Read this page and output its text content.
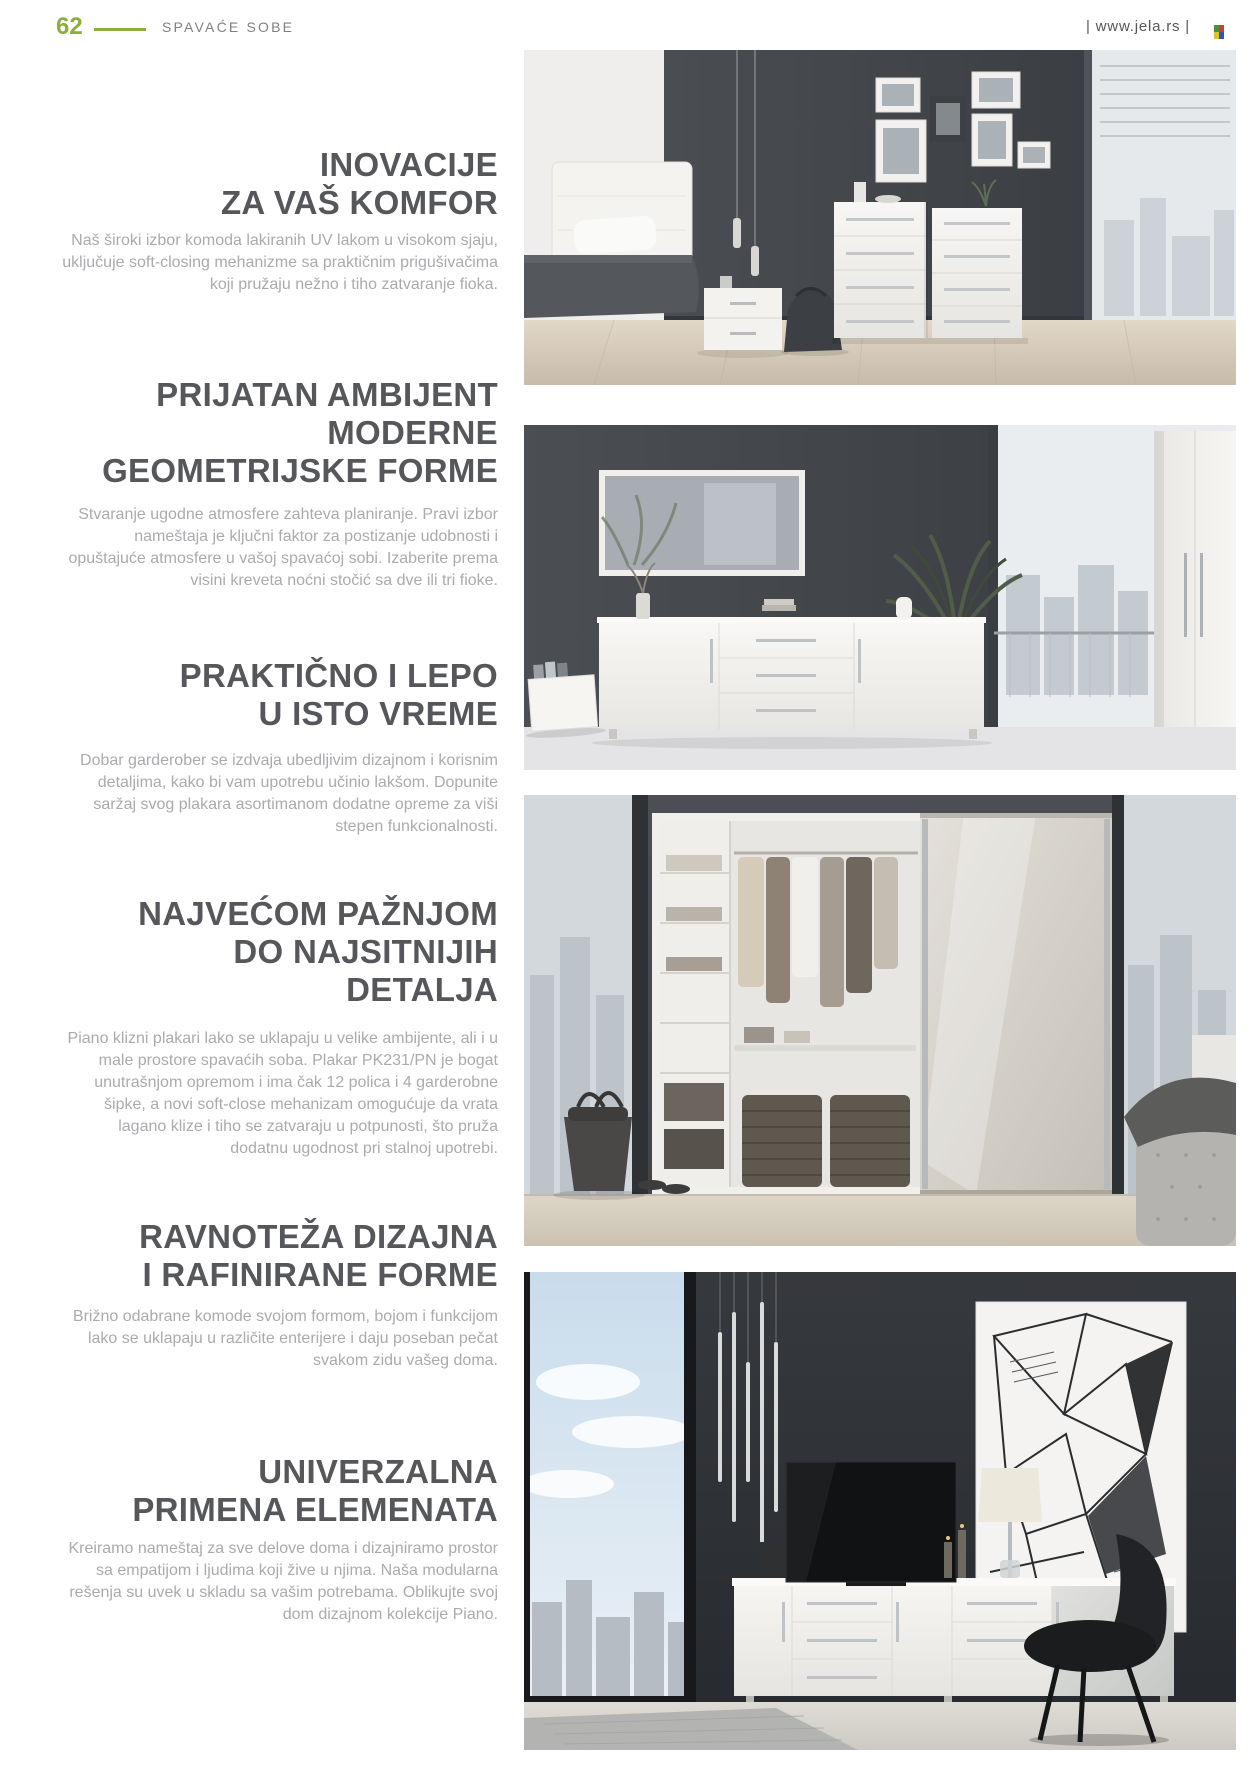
62	SPAVAĆE SOBE	| www.jela.rs |
INOVACIJE
ZA VAŠ KOMFOR

Naš široki izbor komoda lakiranih UV lakom u visokom sjaju, uključuje soft-closing mehanizme sa praktičnim prigušivačima koji pružaju nežno i tiho zatvaranje fioka.

PRIJATAN AMBIJENT
MODERNE
GEOMETRIJSKE FORME

Stvaranje ugodne atmosfere zahteva planiranje. Pravi izbor nameštaja je ključni faktor za postizanje udobnosti i opuštajuće atmosfere u vašoj spavaćoj sobi. Izaberite prema visini kreveta noćni stočić sa dve ili tri fioke.

PRAKTIČNO I LEPO
U ISTO VREME

Dobar garderober se izdvaja ubedljivim dizajnom i korisnim detaljima, kako bi vam upotrebu učinio lakšom. Dopunite saržaj svog plakara asortimanom dodatne opreme za viši stepen funkcionalnosti.

NAJVEĆOM PAŽNJOM
DO NAJSITNIJIH
DETALJA

Piano klizni plakari lako se uklapaju u velike ambijente, ali i u male prostore spavaćih soba. Plakar PK231/PN je bogat unutrašnjom opremom i ima čak 12 polica i 4 garderobne šipke, a novi soft-close mehanizam omogućuje da vrata lagano klize i tiho se zatvaraju u potpunosti, što pruža dodatnu ugodnost pri stalnoj upotrebi.

RAVNOTEŽA DIZAJNA
I RAFINIRANE FORME

Brižno odabrane komode svojom formom, bojom i funkcijom lako se uklapaju u različite enterijere i daju poseban pečat svakom zidu vašeg doma.

UNIVERZALNA
PRIMENA ELEMENATA

Kreiramo nameštaj za sve delove doma i dizajniramo prostor sa empatijom i ljudima koji žive u njima. Naša modularna rešenja su uvek u skladu sa vašim potrebama. Oblikujte svoj dom dizajnom kolekcije Piano.
